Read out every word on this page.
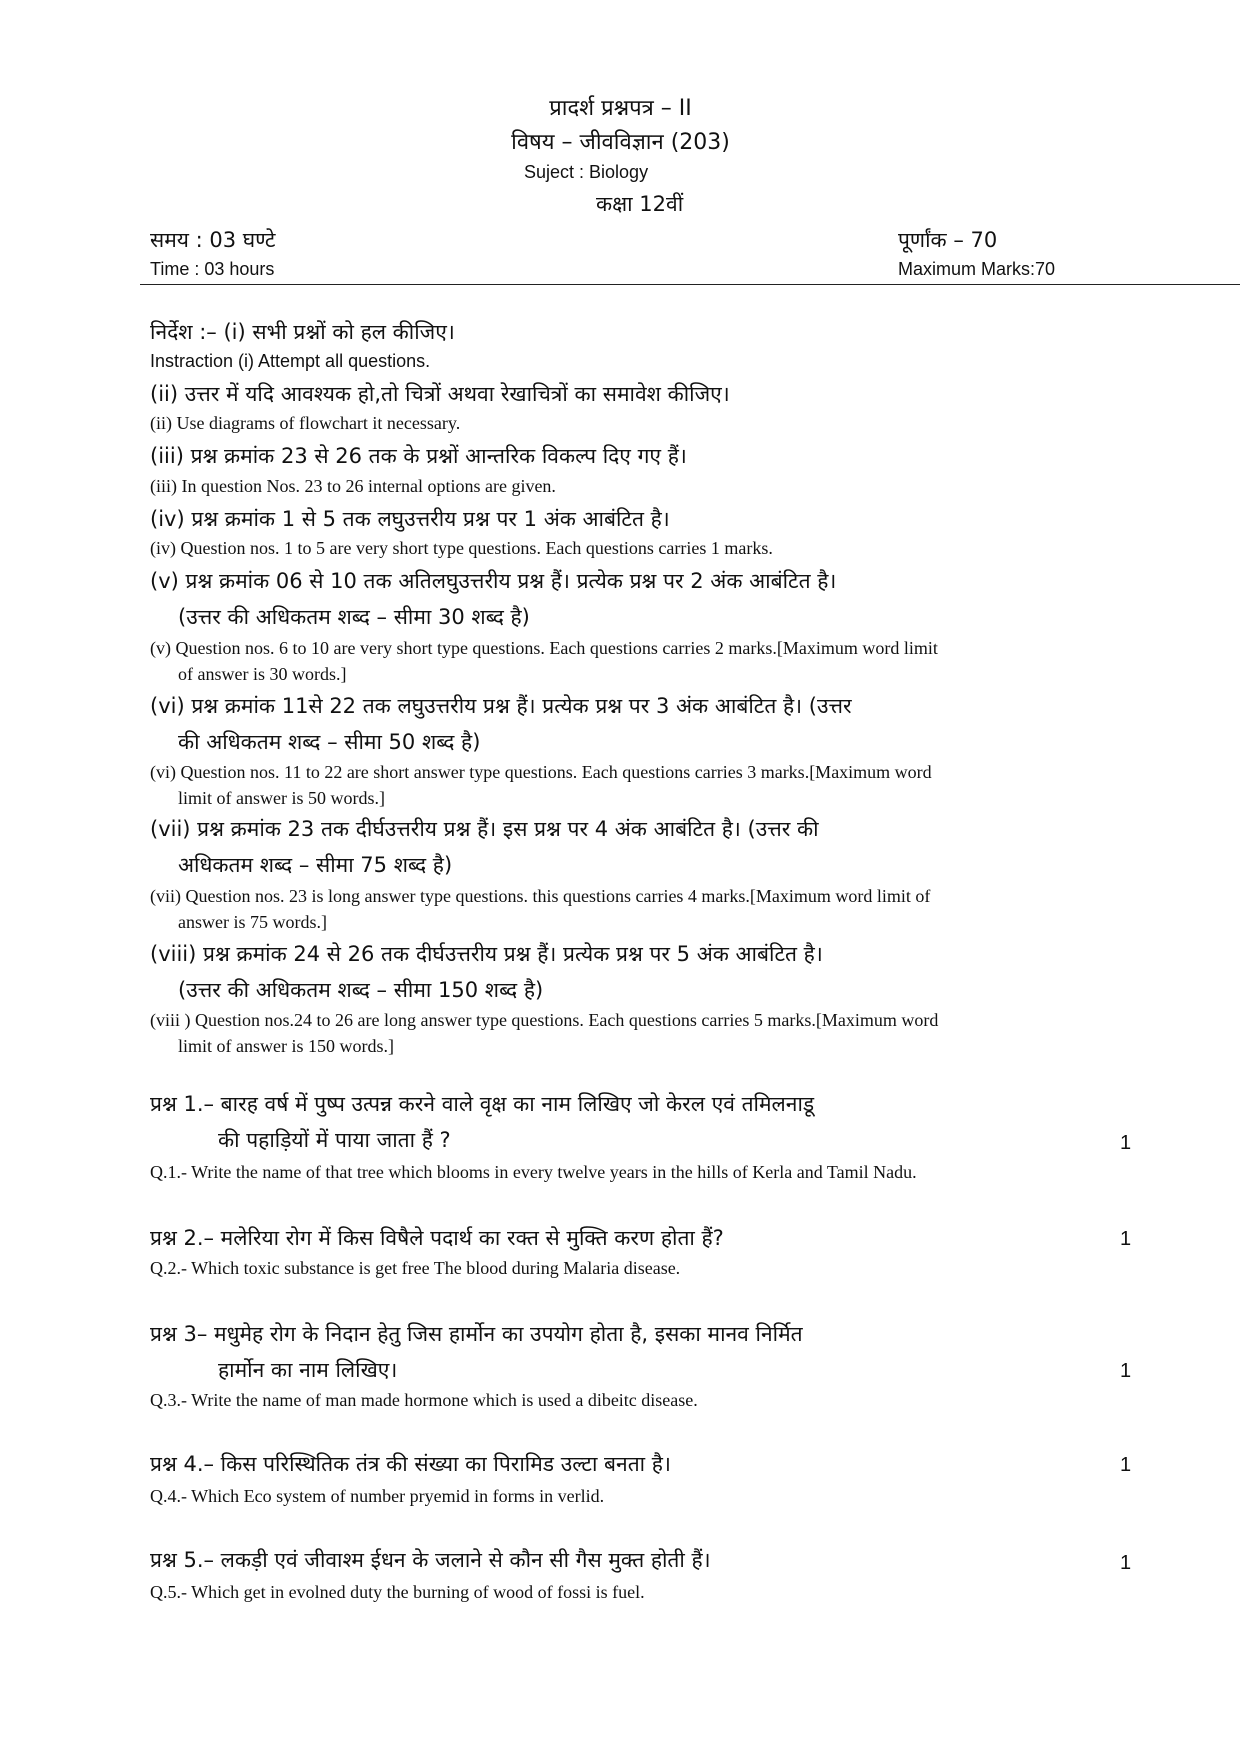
प्रादर्श प्रश्नपत्र – II
विषय – जीवविज्ञान (203)
Suject : Biology
कक्षा 12वीं
समय : 03 घण्टे	पूर्णांक – 70
Time : 03 hours	Maximum Marks:70
निर्देश :– (i) सभी प्रश्नों को हल कीजिए।
Instraction (i) Attempt all questions.
(ii) उत्तर में यदि आवश्यक हो,तो चित्रों अथवा रेखाचित्रों का समावेश कीजिए।
(ii) Use diagrams of flowchart it necessary.
(iii) प्रश्न क्रमांक 23 से 26 तक के प्रश्नों आन्तरिक विकल्प दिए गए हैं।
(iii) In question Nos. 23 to 26 internal options are given.
(iv) प्रश्न क्रमांक 1 से 5 तक लघुउत्तरीय प्रश्न पर 1 अंक आबंटित है।
(iv) Question nos. 1 to 5 are very short type questions. Each questions carries 1 marks.
(v) प्रश्न क्रमांक 06 से 10 तक अतिलघुउत्तरीय प्रश्न हैं। प्रत्येक प्रश्न पर 2 अंक आबंटित है।
(उत्तर की अधिकतम शब्द – सीमा 30 शब्द है)
(v) Question nos. 6 to 10 are very short type questions. Each questions carries 2 marks.[Maximum word limit
of answer is 30 words.]
(vi) प्रश्न क्रमांक 11से 22 तक लघुउत्तरीय प्रश्न हैं। प्रत्येक प्रश्न पर 3 अंक आबंटित है। (उत्तर
की अधिकतम शब्द – सीमा 50 शब्द है)
(vi) Question nos. 11 to 22 are short answer type questions. Each questions carries 3 marks.[Maximum word
limit of answer is 50 words.]
(vii) प्रश्न क्रमांक 23 तक दीर्घउत्तरीय प्रश्न हैं। इस प्रश्न पर 4 अंक आबंटित है। (उत्तर की
अधिकतम शब्द – सीमा 75 शब्द है)
(vii) Question nos. 23 is long answer type questions. this questions carries 4 marks.[Maximum word limit of
answer is 75 words.]
(viii) प्रश्न क्रमांक 24 से 26 तक दीर्घउत्तरीय प्रश्न हैं। प्रत्येक प्रश्न पर 5 अंक आबंटित है।
(उत्तर की अधिकतम शब्द – सीमा 150 शब्द है)
(viii ) Question nos.24 to 26 are long answer type questions. Each questions carries 5 marks.[Maximum word
limit of answer is 150 words.]
प्रश्न 1.– बारह वर्ष में पुष्प उत्पन्न करने वाले वृक्ष का नाम लिखिए जो केरल एवं तमिलनाडू
की पहाड़ियों में पाया जाता हैं ?	1
Q.1.- Write the name of that tree which blooms in every twelve years in the hills of Kerla and Tamil Nadu.
प्रश्न 2.– मलेरिया रोग में किस विषैले पदार्थ का रक्त से मुक्ति करण होता हैं?	1
Q.2.- Which toxic substance is get free The blood during Malaria disease.
प्रश्न 3– मधुमेह रोग के निदान हेतु जिस हार्मोन का उपयोग होता है, इसका मानव निर्मित
हार्मोन का नाम लिखिए।	1
Q.3.- Write the name of man made hormone which is used a dibeitc disease.
प्रश्न 4.– किस परिस्थितिक तंत्र की संख्या का पिरामिड उल्टा बनता है।	1
Q.4.- Which Eco system of number pryemid in forms in verlid.
प्रश्न 5.– लकड़ी एवं जीवाश्म ईधन के जलाने से कौन सी गैस मुक्त होती हैं।	1
Q.5.- Which get in evolned duty the burning of wood of fossi is fuel.
